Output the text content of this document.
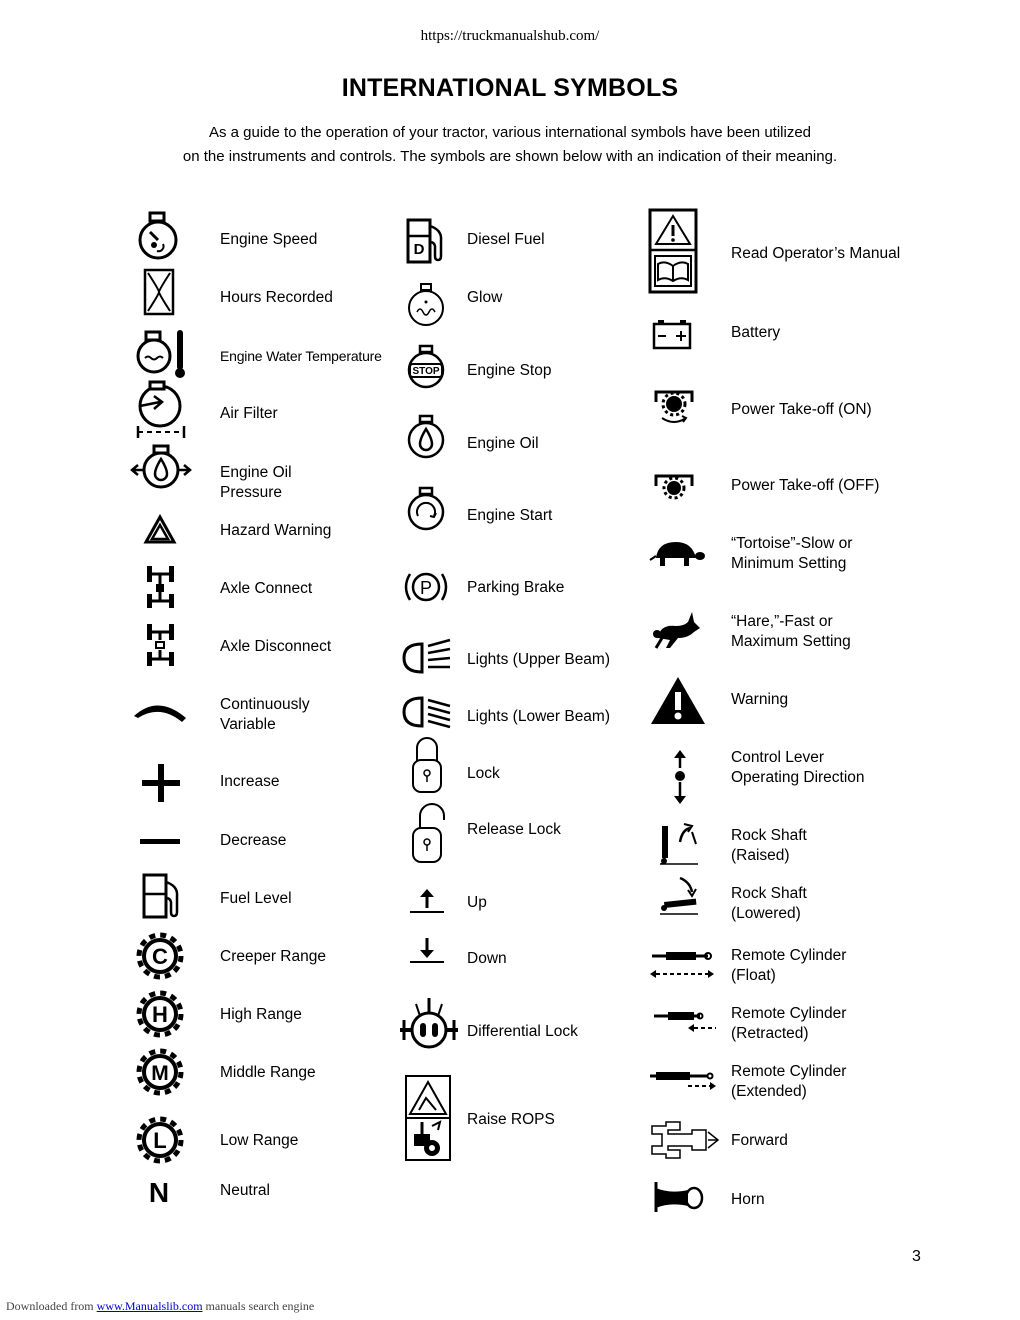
https://truckmanualshub.com/
INTERNATIONAL SYMBOLS

As a guide to the operation of your tractor, various international symbols have been utilized

on the instruments and controls. The symbols are shown below with an indication of their meaning.

Engine Speed
Hours Recorded
Engine Water Temperature
Air Filter
Engine Oil
Pressure
Hazard Warning
Axle Connect
Axle Disconnect
Continuously
Variable
Increase
Decrease
Fuel Level
C	Creeper Range
H	High Range
M	Middle Range
L	Low Range
N	Neutral
D
Diesel Fuel
Glow
STOP Engine Stop
Engine Oil
Engine Start
P Parking Brake
Lights (Upper Beam)
Lights (Lower Beam)
Lock
Release Lock
Up
Down
Differential Lock
Raise ROPS
Read Operator’s Manual
Battery
Power Take-off (ON)
Power Take-off (OFF)
“Tortoise”-Slow or
Minimum Setting
“Hare,”-Fast or
Maximum Setting
Warning
Control Lever
Operating Direction
Rock Shaft
(Raised)
Rock Shaft
(Lowered)
Remote Cylinder
(Float)
Remote Cylinder
(Retracted)
Remote Cylinder
(Extended)
Forward
Horn
3
Downloaded from www.Manualslib.com manuals search engine
